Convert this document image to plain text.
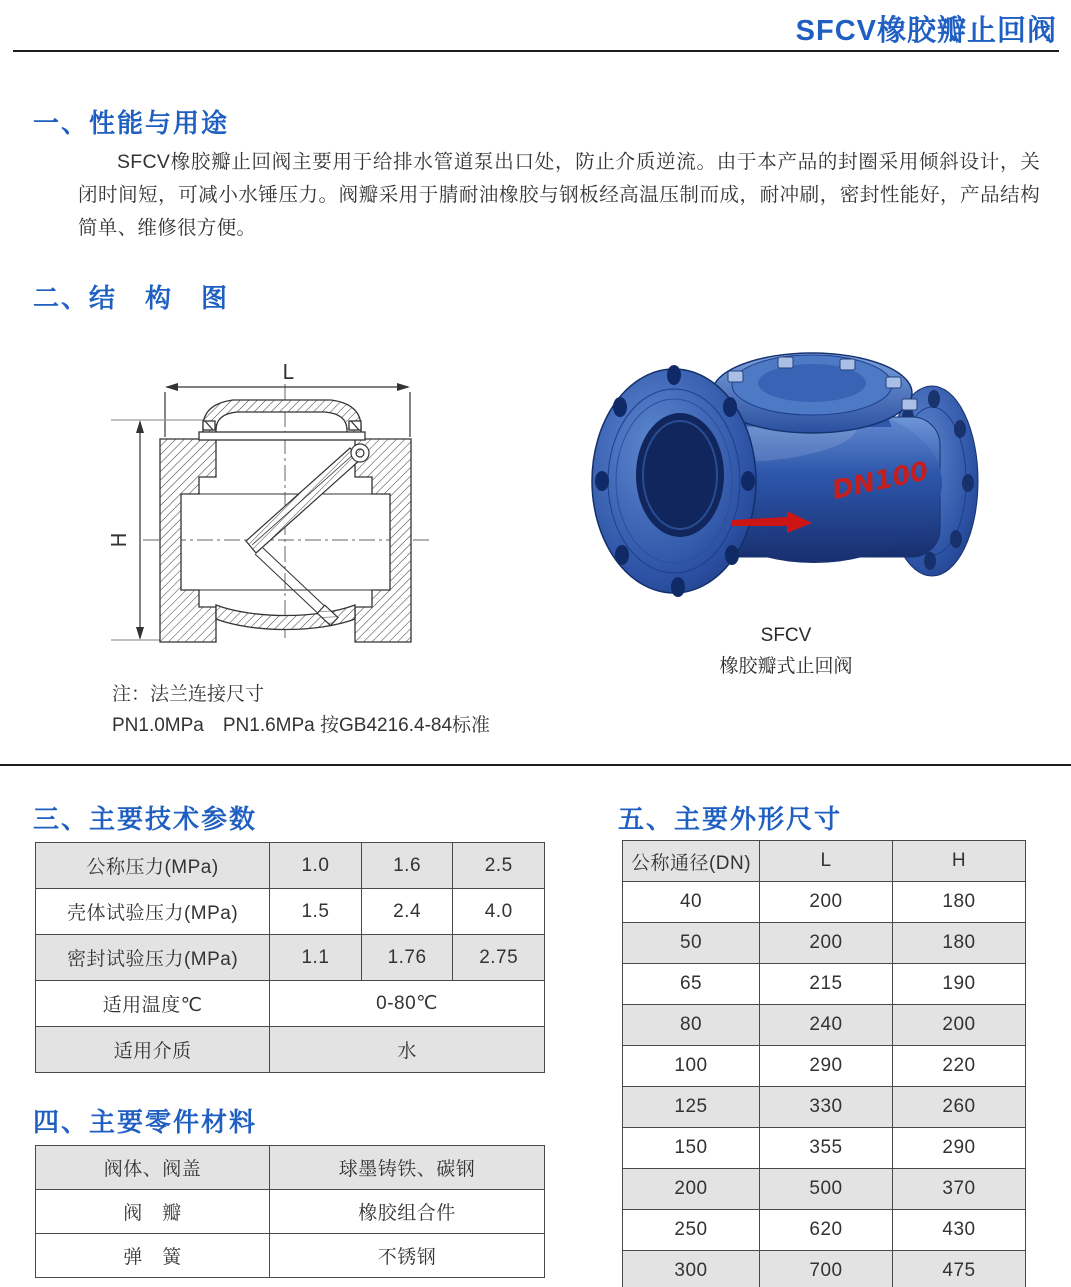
SFCV橡胶瓣止回阀
一、性能与用途
SFCV橡胶瓣止回阀主要用于给排水管道泵出口处，防止介质逆流。由于本产品的封圈采用倾斜设计，关闭时间短，可减小水锤压力。阀瓣采用于腈耐油橡胶与钢板经高温压制而成，耐冲刷，密封性能好，产品结构简单、维修很方便。
二、结　构　图
L
H
注：法兰连接尺寸
PN1.0MPa　PN1.6MPa 按GB4216.4-84标准
DN100
SFCV
橡胶瓣式止回阀
三、主要技术参数
公称压力(MPa)	1.0	1.6	2.5
壳体试验压力(MPa)	1.5	2.4	4.0
密封试验压力(MPa)	1.1	1.76	2.75
适用温度℃	0-80℃		
适用介质	水		
四、主要零件材料
阀体、阀盖	球墨铸铁、碳钢
阀　瓣	橡胶组合件
弹　簧	不锈钢
五、主要外形尺寸
公称通径(DN)	L	H
40	200	180
50	200	180
65	215	190
80	240	200
100	290	220
125	330	260
150	355	290
200	500	370
250	620	430
300	700	475
